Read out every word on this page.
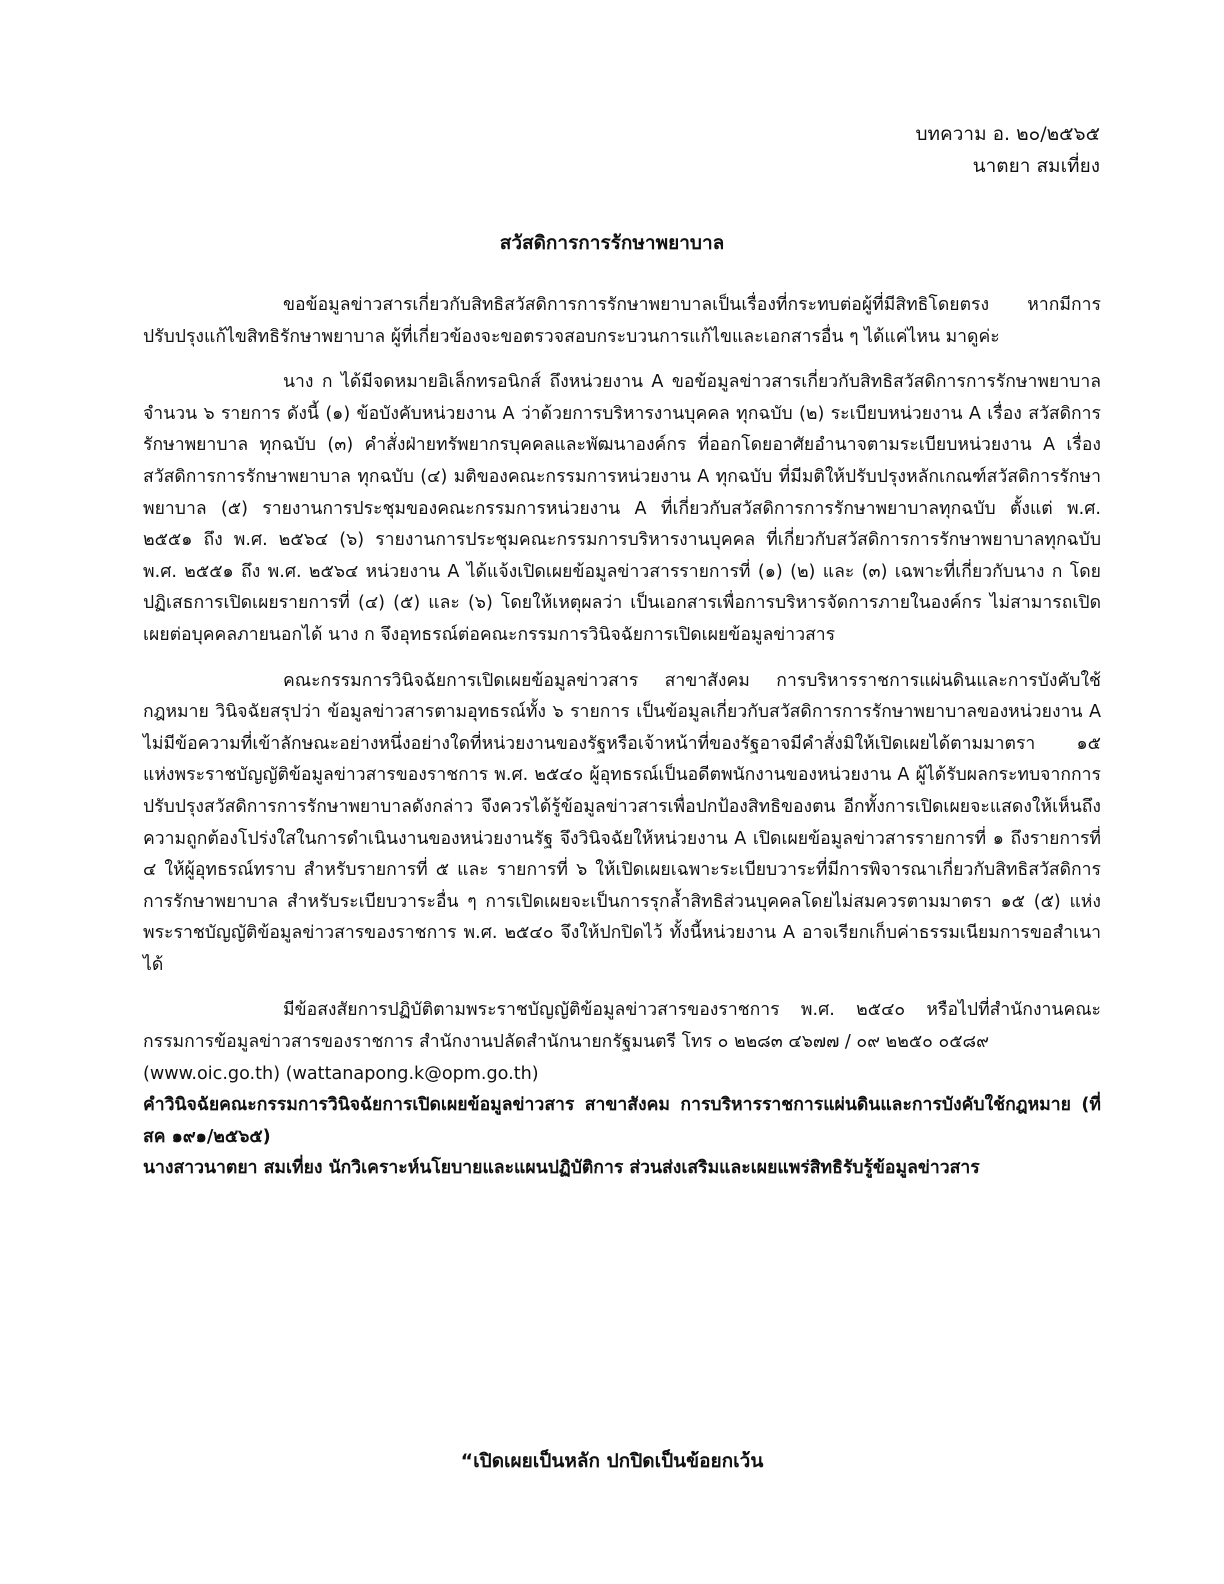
บทความ อ. ๒๐/๒๕๖๕
นาตยา สมเที่ยง
สวัสดิการการรักษาพยาบาล

ขอข้อมูลข่าวสารเกี่ยวกับสิทธิสวัสดิการการรักษาพยาบาลเป็นเรื่องที่กระทบต่อผู้ที่มีสิทธิโดยตรง หากมีการปรับปรุงแก้ไขสิทธิรักษาพยาบาล ผู้ที่เกี่ยวข้องจะขอตรวจสอบกระบวนการแก้ไขและเอกสารอื่น ๆ ได้แค่ไหน มาดูค่ะ

นาง ก ได้มีจดหมายอิเล็กทรอนิกส์ ถึงหน่วยงาน A ขอข้อมูลข่าวสารเกี่ยวกับสิทธิสวัสดิการการรักษาพยาบาล จำนวน ๖ รายการ ดังนี้ (๑) ข้อบังคับหน่วยงาน A ว่าด้วยการบริหารงานบุคคล ทุกฉบับ (๒) ระเบียบหน่วยงาน A เรื่อง สวัสดิการรักษาพยาบาล ทุกฉบับ (๓) คำสั่งฝ่ายทรัพยากรบุคคลและพัฒนาองค์กร ที่ออกโดยอาศัยอำนาจตามระเบียบหน่วยงาน A เรื่อง สวัสดิการการรักษาพยาบาล ทุกฉบับ (๔) มติของคณะกรรมการหน่วยงาน A ทุกฉบับ ที่มีมติให้ปรับปรุงหลักเกณฑ์สวัสดิการรักษาพยาบาล (๕) รายงานการประชุมของคณะกรรมการหน่วยงาน A ที่เกี่ยวกับสวัสดิการการรักษาพยาบาลทุกฉบับ ตั้งแต่ พ.ศ. ๒๕๕๑ ถึง พ.ศ. ๒๕๖๔ (๖) รายงานการประชุมคณะกรรมการบริหารงานบุคคล ที่เกี่ยวกับสวัสดิการการรักษาพยาบาลทุกฉบับ พ.ศ. ๒๕๕๑ ถึง พ.ศ. ๒๕๖๔ หน่วยงาน A ได้แจ้งเปิดเผยข้อมูลข่าวสารรายการที่ (๑) (๒) และ (๓) เฉพาะที่เกี่ยวกับนาง ก โดยปฏิเสธการเปิดเผยรายการที่ (๔) (๕) และ (๖) โดยให้เหตุผลว่า เป็นเอกสารเพื่อการบริหารจัดการภายในองค์กร ไม่สามารถเปิดเผยต่อบุคคลภายนอกได้ นาง ก จึงอุทธรณ์ต่อคณะกรรมการวินิจฉัยการเปิดเผยข้อมูลข่าวสาร

คณะกรรมการวินิจฉัยการเปิดเผยข้อมูลข่าวสาร สาขาสังคม การบริหารราชการแผ่นดินและการบังคับใช้กฎหมาย วินิจฉัยสรุปว่า ข้อมูลข่าวสารตามอุทธรณ์ทั้ง ๖ รายการ เป็นข้อมูลเกี่ยวกับสวัสดิการการรักษาพยาบาลของหน่วยงาน A ไม่มีข้อความที่เข้าลักษณะอย่างหนึ่งอย่างใดที่หน่วยงานของรัฐหรือเจ้าหน้าที่ของรัฐอาจมีคำสั่งมิให้เปิดเผยได้ตามมาตรา ๑๕ แห่งพระราชบัญญัติข้อมูลข่าวสารของราชการ พ.ศ. ๒๕๔๐ ผู้อุทธรณ์เป็นอดีตพนักงานของหน่วยงาน A ผู้ได้รับผลกระทบจากการปรับปรุงสวัสดิการการรักษาพยาบาลดังกล่าว จึงควรได้รู้ข้อมูลข่าวสารเพื่อปกป้องสิทธิของตน อีกทั้งการเปิดเผยจะแสดงให้เห็นถึงความถูกต้องโปร่งใสในการดำเนินงานของหน่วยงานรัฐ จึงวินิจฉัยให้หน่วยงาน A เปิดเผยข้อมูลข่าวสารรายการที่ ๑ ถึงรายการที่ ๔ ให้ผู้อุทธรณ์ทราบ สำหรับรายการที่ ๕ และ รายการที่ ๖ ให้เปิดเผยเฉพาะระเบียบวาระที่มีการพิจารณาเกี่ยวกับสิทธิสวัสดิการการรักษาพยาบาล สำหรับระเบียบวาระอื่น ๆ การเปิดเผยจะเป็นการรุกล้ำสิทธิส่วนบุคคลโดยไม่สมควรตามมาตรา ๑๕ (๕) แห่งพระราชบัญญัติข้อมูลข่าวสารของราชการ พ.ศ. ๒๕๔๐ จึงให้ปกปิดไว้ ทั้งนี้หน่วยงาน A อาจเรียกเก็บค่าธรรมเนียมการขอสำเนาได้

มีข้อสงสัยการปฏิบัติตามพระราชบัญญัติข้อมูลข่าวสารของราชการ พ.ศ. ๒๕๔๐ หรือไปที่สำนักงานคณะกรรมการข้อมูลข่าวสารของราชการ สำนักงานปลัดสำนักนายกรัฐมนตรี โทร ๐ ๒๒๘๓ ๔๖๗๗ / ๐๙ ๒๒๕๐ ๐๕๘๙

(www.oic.go.th) (wattanapong.k@opm.go.th)

คำวินิจฉัยคณะกรรมการวินิจฉัยการเปิดเผยข้อมูลข่าวสาร สาขาสังคม การบริหารราชการแผ่นดินและการบังคับใช้กฎหมาย (ที่ สค ๑๙๑/๒๕๖๕)

นางสาวนาตยา สมเที่ยง นักวิเคราะห์นโยบายและแผนปฏิบัติการ ส่วนส่งเสริมและเผยแพร่สิทธิรับรู้ข้อมูลข่าวสาร

“เปิดเผยเป็นหลัก ปกปิดเป็นข้อยกเว้น
